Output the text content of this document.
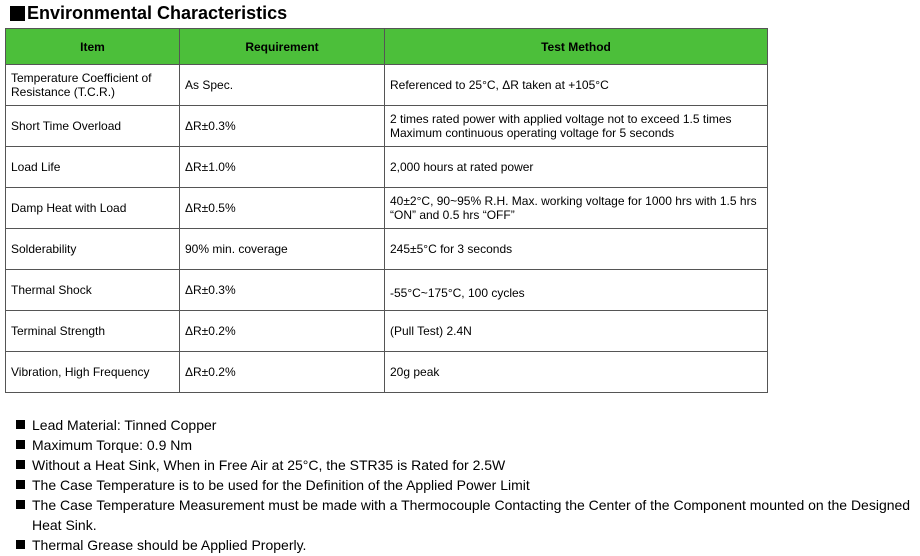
Environmental Characteristics
Item	Requirement	Test Method
Temperature Coefficient of Resistance (T.C.R.)	As Spec.	Referenced to 25°C, ΔR taken at +105°C
Short Time Overload	ΔR±0.3%	2 times rated power with applied voltage not to exceed 1.5 times Maximum continuous operating voltage for 5 seconds
Load Life	ΔR±1.0%	2,000 hours at rated power
Damp Heat with Load	ΔR±0.5%	40±2°C, 90~95% R.H. Max. working voltage for 1000 hrs with 1.5 hrs “ON” and 0.5 hrs “OFF”
Solderability	90% min. coverage	245±5°C for 3 seconds
Thermal Shock	ΔR±0.3%	-55°C~175°C, 100 cycles

Terminal Strength	ΔR±0.2%	(Pull Test) 2.4N
Vibration, High Frequency	ΔR±0.2%	20g peak
Lead Material: Tinned Copper
Maximum Torque: 0.9 Nm
Without a Heat Sink, When in Free Air at 25°C, the STR35 is Rated for 2.5W
The Case Temperature is to be used for the Definition of the Applied Power Limit
The Case Temperature Measurement must be made with a Thermocouple Contacting the Center of the Component mounted on the Designed Heat Sink.
Thermal Grease should be Applied Properly.
